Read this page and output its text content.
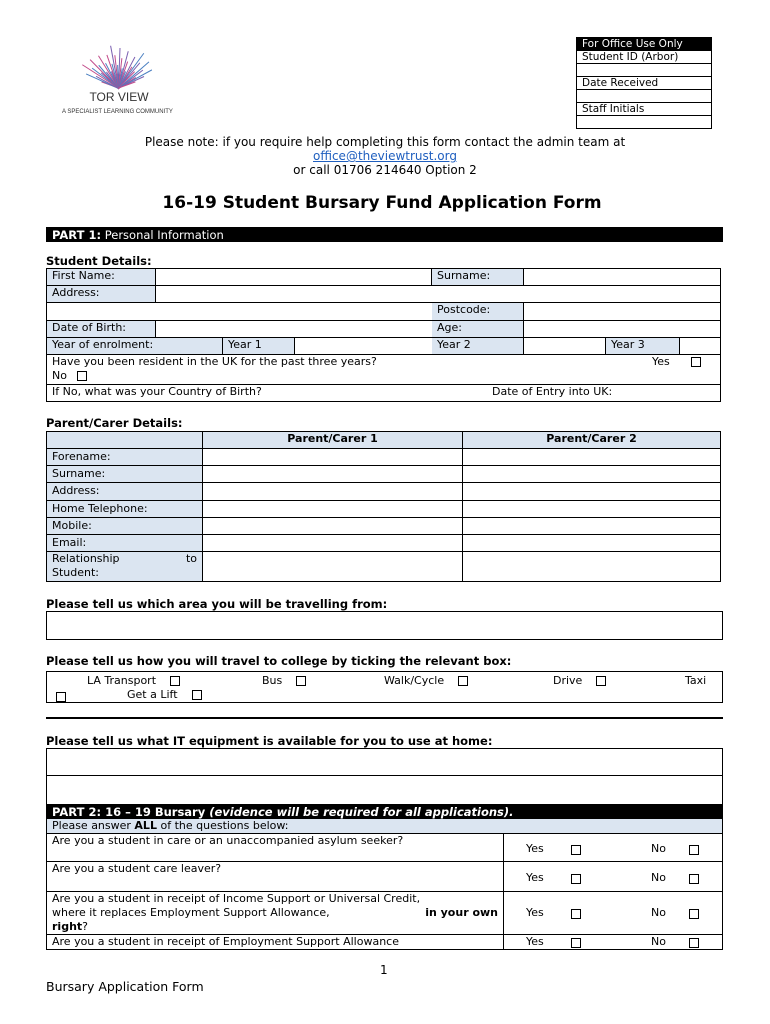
TOR VIEW
A SPECIALIST LEARNING COMMUNITY
For Office Use Only
Student ID (Arbor)

Date Received

Staff Initials

Please note: if you require help completing this form contact the admin team at
office@theviewtrust.org
or call 01706 214640 Option 2
16-19 Student Bursary Fund Application Form
PART 1: Personal Information
Student Details:
First Name:	Surname:
Address:
Postcode:
Date of Birth:	Age:
Year of enrolment:	Year 1	Year 2	Year 3
Have you been resident in the UK for the past three years?	Yes
No
If No, what was your Country of Birth?	Date of Entry into UK:
Parent/Carer Details:
Parent/Carer 1	Parent/Carer 2
Forename:
Surname:
Address:
Home Telephone:
Mobile:
Email:
Relationship	to
Student:
Please tell us which area you will be travelling from:
Please tell us how you will travel to college by ticking the relevant box:
LA Transport	Bus	Walk/Cycle	Drive	Taxi
Get a Lift
Please tell us what IT equipment is available for you to use at home:
PART 2: 16 – 19 Bursary (evidence will be required for all applications).
Please answer ALL of the questions below:
Are you a student in care or an unaccompanied asylum seeker?
Yes	No
Are you a student care leaver?
Yes	No
Are you a student in receipt of Income Support or Universal Credit,
where it replaces Employment Support Allowance,	in your own
right?
Yes	No
Are you a student in receipt of Employment Support Allowance	Yes	No
1
Bursary Application Form
